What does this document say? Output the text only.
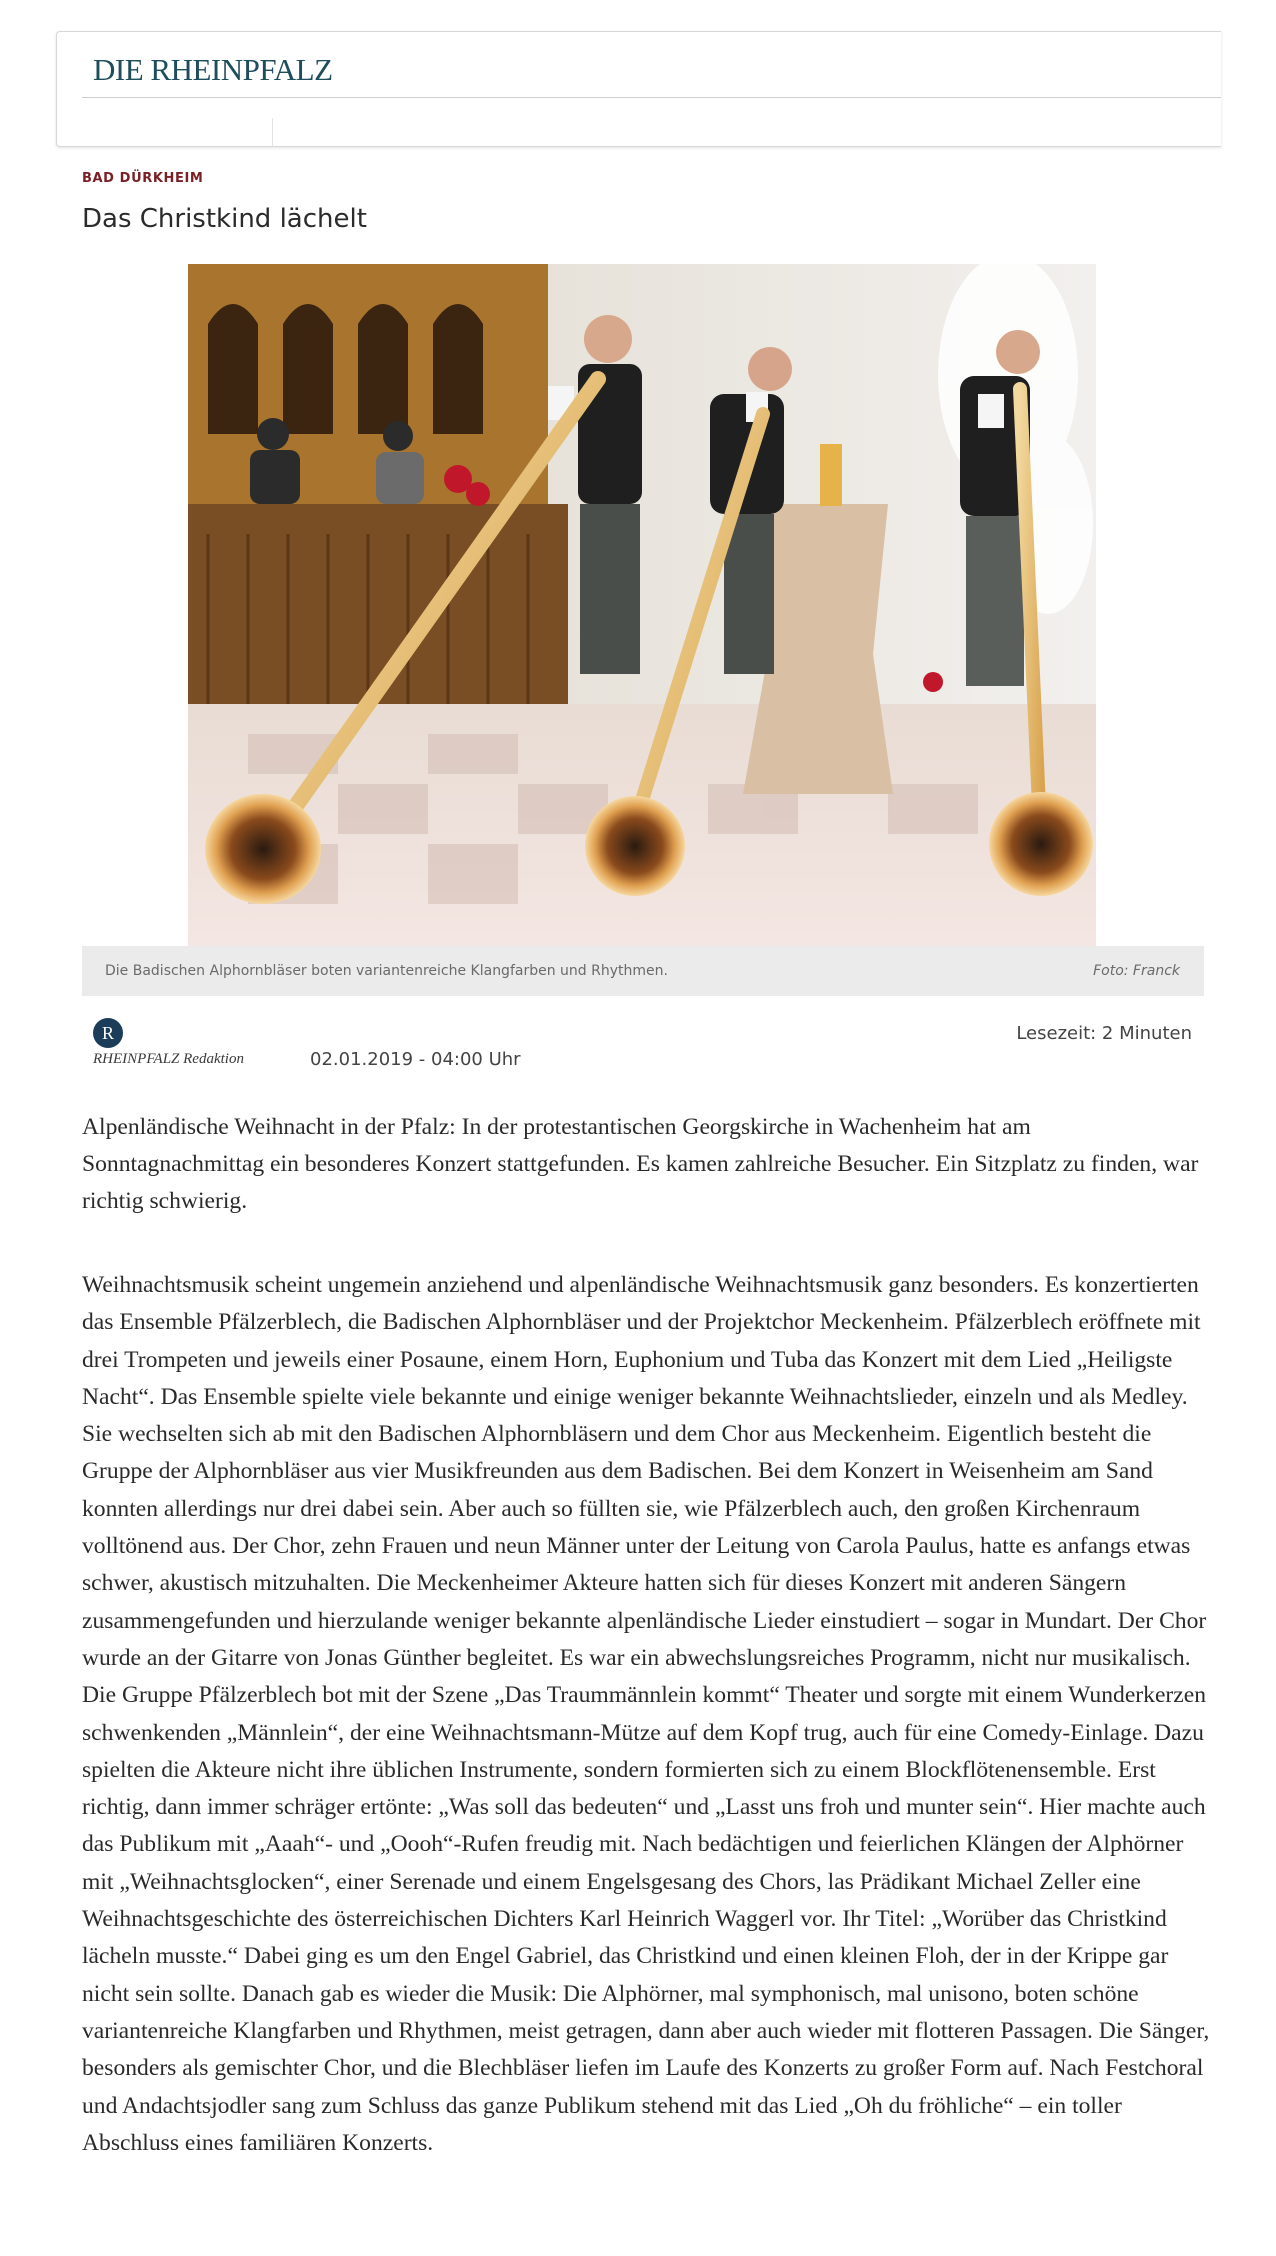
DIE RHEINPFALZ
BAD DÜRKHEIM
Das Christkind lächelt
Die Badischen Alphornbläser boten variantenreiche Klangfarben und Rhythmen.	Foto: Franck
R
RHEINPFALZ Redaktion	02.01.2019 - 04:00 Uhr
Lesezeit: 2 Minuten

Alpenländische Weihnacht in der Pfalz: In der protestantischen Georgskirche in Wachenheim hat am Sonntagnachmittag ein besonderes Konzert stattgefunden. Es kamen zahlreiche Besucher. Ein Sitzplatz zu finden, war richtig schwierig.

Weihnachtsmusik scheint ungemein anziehend und alpenländische Weihnachtsmusik ganz besonders. Es konzertierten das Ensemble Pfälzerblech, die Badischen Alphornbläser und der Projektchor Meckenheim. Pfälzerblech eröffnete mit drei Trompeten und jeweils einer Posaune, einem Horn, Euphonium und Tuba das Konzert mit dem Lied „Heiligste Nacht“. Das Ensemble spielte viele bekannte und einige weniger bekannte Weihnachtslieder, einzeln und als Medley. Sie wechselten sich ab mit den Badischen Alphornbläsern und dem Chor aus Meckenheim. Eigentlich besteht die Gruppe der Alphornbläser aus vier Musikfreunden aus dem Badischen. Bei dem Konzert in Weisenheim am Sand konnten allerdings nur drei dabei sein. Aber auch so füllten sie, wie Pfälzerblech auch, den großen Kirchenraum volltönend aus. Der Chor, zehn Frauen und neun Männer unter der Leitung von Carola Paulus, hatte es anfangs etwas schwer, akustisch mitzuhalten. Die Meckenheimer Akteure hatten sich für dieses Konzert mit anderen Sängern zusammengefunden und hierzulande weniger bekannte alpenländische Lieder einstudiert – sogar in Mundart. Der Chor wurde an der Gitarre von Jonas Günther begleitet. Es war ein abwechslungsreiches Programm, nicht nur musikalisch. Die Gruppe Pfälzerblech bot mit der Szene „Das Traummännlein kommt“ Theater und sorgte mit einem Wunderkerzen schwenkenden „Männlein“, der eine Weihnachtsmann-Mütze auf dem Kopf trug, auch für eine Comedy-Einlage. Dazu spielten die Akteure nicht ihre üblichen Instrumente, sondern formierten sich zu einem Blockflötenensemble. Erst richtig, dann immer schräger ertönte: „Was soll das bedeuten“ und „Lasst uns froh und munter sein“. Hier machte auch das Publikum mit „Aaah“- und „Oooh“-Rufen freudig mit. Nach bedächtigen und feierlichen Klängen der Alphörner mit „Weihnachtsglocken“, einer Serenade und einem Engelsgesang des Chors, las Prädikant Michael Zeller eine Weihnachtsgeschichte des österreichischen Dichters Karl Heinrich Waggerl vor. Ihr Titel: „Worüber das Christkind lächeln musste.“ Dabei ging es um den Engel Gabriel, das Christkind und einen kleinen Floh, der in der Krippe gar nicht sein sollte. Danach gab es wieder die Musik: Die Alphörner, mal symphonisch, mal unisono, boten schöne variantenreiche Klangfarben und Rhythmen, meist getragen, dann aber auch wieder mit flotteren Passagen. Die Sänger, besonders als gemischter Chor, und die Blechbläser liefen im Laufe des Konzerts zu großer Form auf. Nach Festchoral und Andachtsjodler sang zum Schluss das ganze Publikum stehend mit das Lied „Oh du fröhliche“ – ein toller Abschluss eines familiären Konzerts.
